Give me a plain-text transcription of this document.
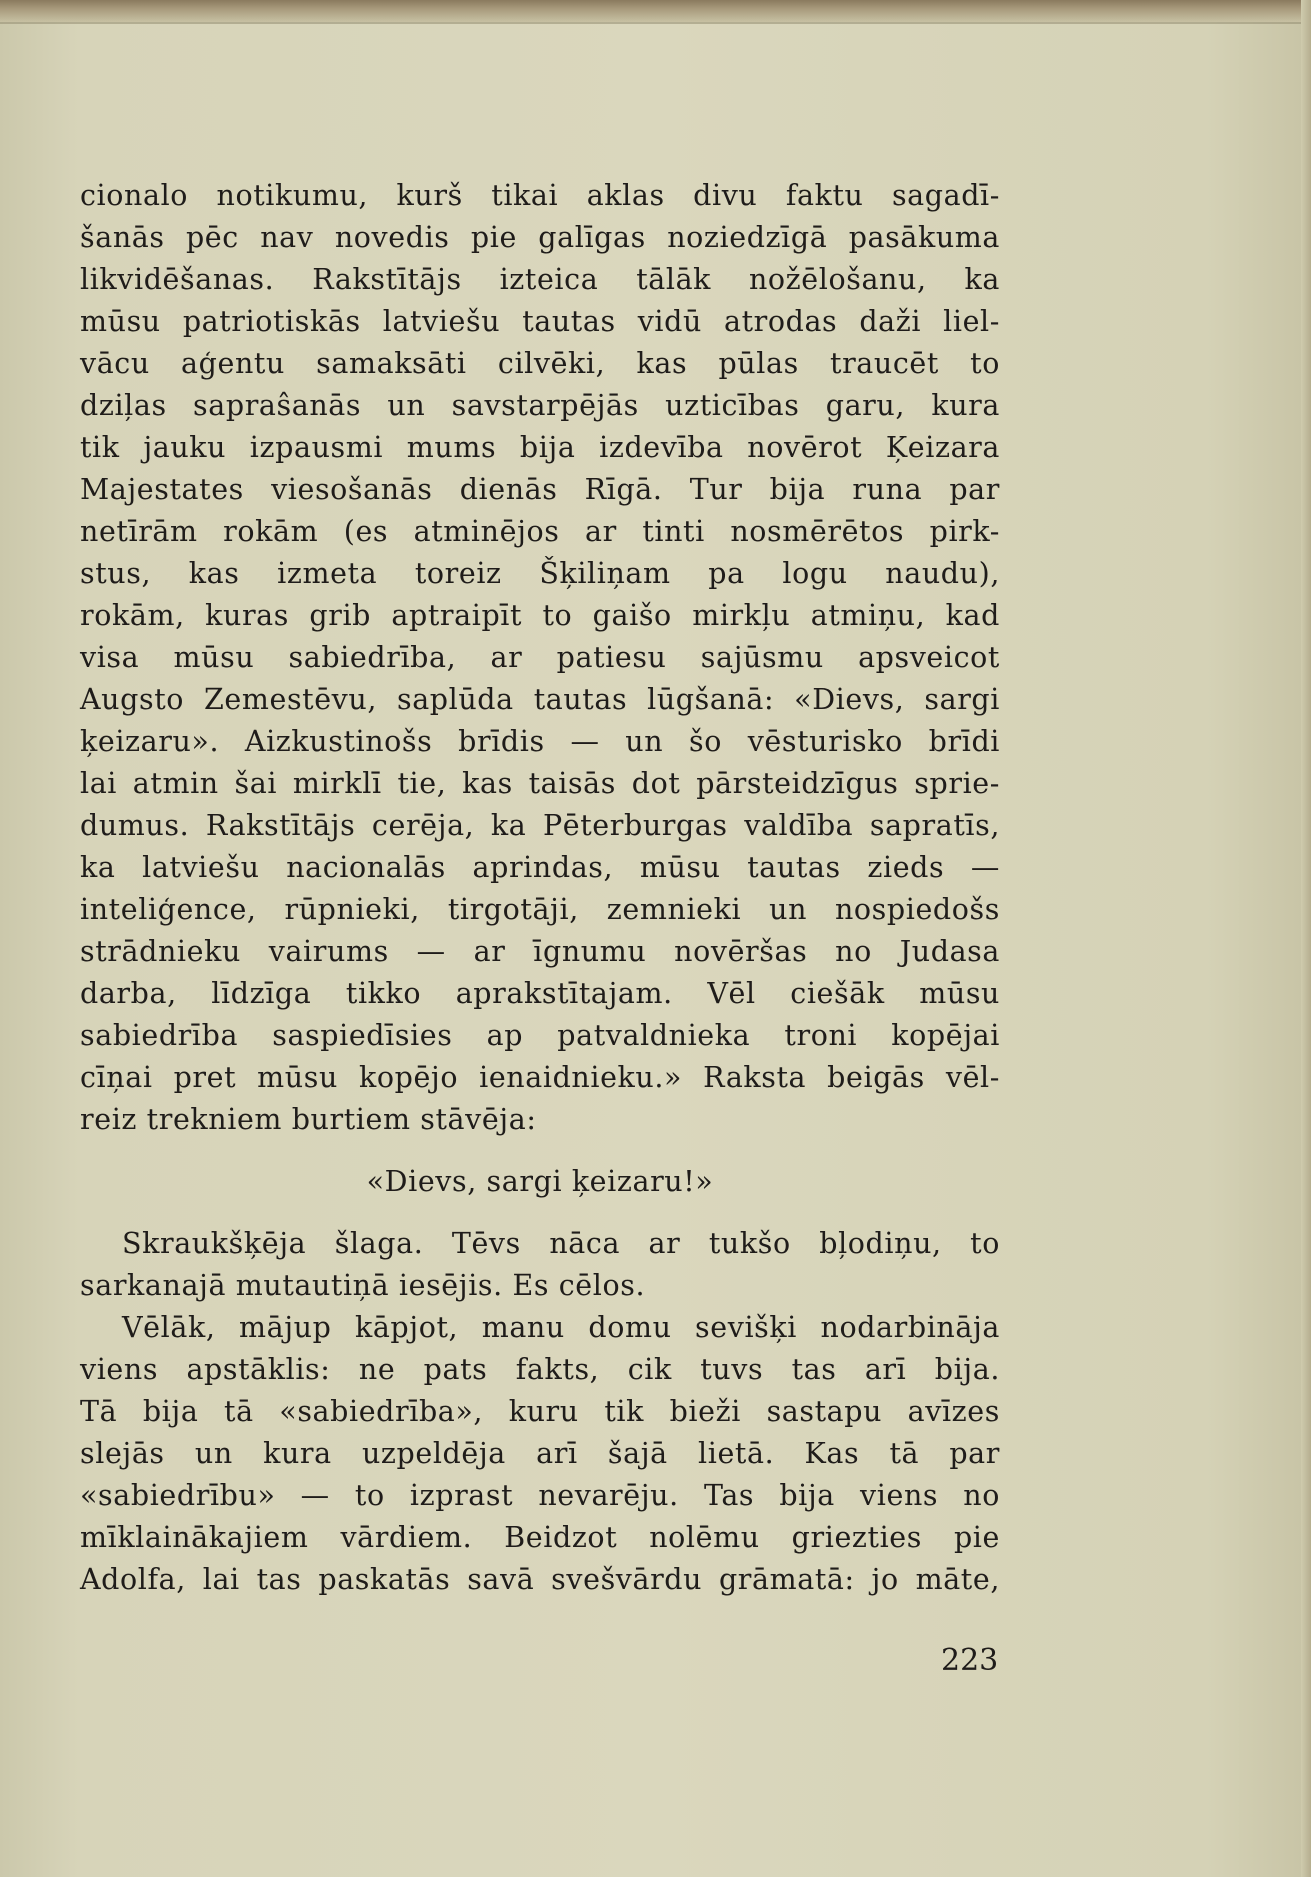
cionalo notikumu, kurš tikai aklas divu faktu sagadī-
šanās pēc nav novedis pie galīgas noziedzīgā pasākuma
likvidēšanas. Rakstītājs izteica tālāk nožēlošanu, ka
mūsu patriotiskās latviešu tautas vidū atrodas daži liel-
vācu aģentu samaksāti cilvēki, kas pūlas traucēt to
dziļas sapraŝanās un savstarpējās uzticības garu, kura
tik jauku izpausmi mums bija izdevība novērot Ķeizara
Majestates viesošanās dienās Rīgā. Tur bija runa par
netīrām rokām (es atminējos ar tinti nosmērētos pirk-
stus, kas izmeta toreiz Šķiliņam pa logu naudu),
rokām, kuras grib aptraipīt to gaišo mirkļu atmiņu, kad
visa mūsu sabiedrība, ar patiesu sajūsmu apsveicot
Augsto Zemestēvu, saplūda tautas lūgšanā: «Dievs, sargi
ķeizaru». Aizkustinošs brīdis — un šo vēsturisko brīdi
lai atmin šai mirklī tie, kas taisās dot pārsteidzīgus sprie-
dumus. Rakstītājs cerēja, ka Pēterburgas valdība sapratīs,
ka latviešu nacionalās aprindas, mūsu tautas zieds —
inteliģence, rūpnieki, tirgotāji, zemnieki un nospiedošs
strādnieku vairums — ar īgnumu novēršas no Judasa
darba, līdzīga tikko aprakstītajam. Vēl ciešāk mūsu
sabiedrība saspiedīsies ap patvaldnieka troni kopējai
cīņai pret mūsu kopējo ienaidnieku.» Raksta beigās vēl-
reiz trekniem burtiem stāvēja:
«Dievs, sargi ķeizaru!»
Skraukšķēja šlaga. Tēvs nāca ar tukšo bļodiņu, to
sarkanajā mutautiņā iesējis. Es cēlos.
Vēlāk, mājup kāpjot, manu domu sevišķi nodarbināja
viens apstāklis: ne pats fakts, cik tuvs tas arī bija.
Tā bija tā «sabiedrība», kuru tik bieži sastapu avīzes
slejās un kura uzpeldēja arī šajā lietā. Kas tā par
«sabiedrību» — to izprast nevarēju. Tas bija viens no
mīklainākajiem vārdiem. Beidzot nolēmu griezties pie
Adolfa, lai tas paskatās savā svešvārdu grāmatā: jo māte,
223
